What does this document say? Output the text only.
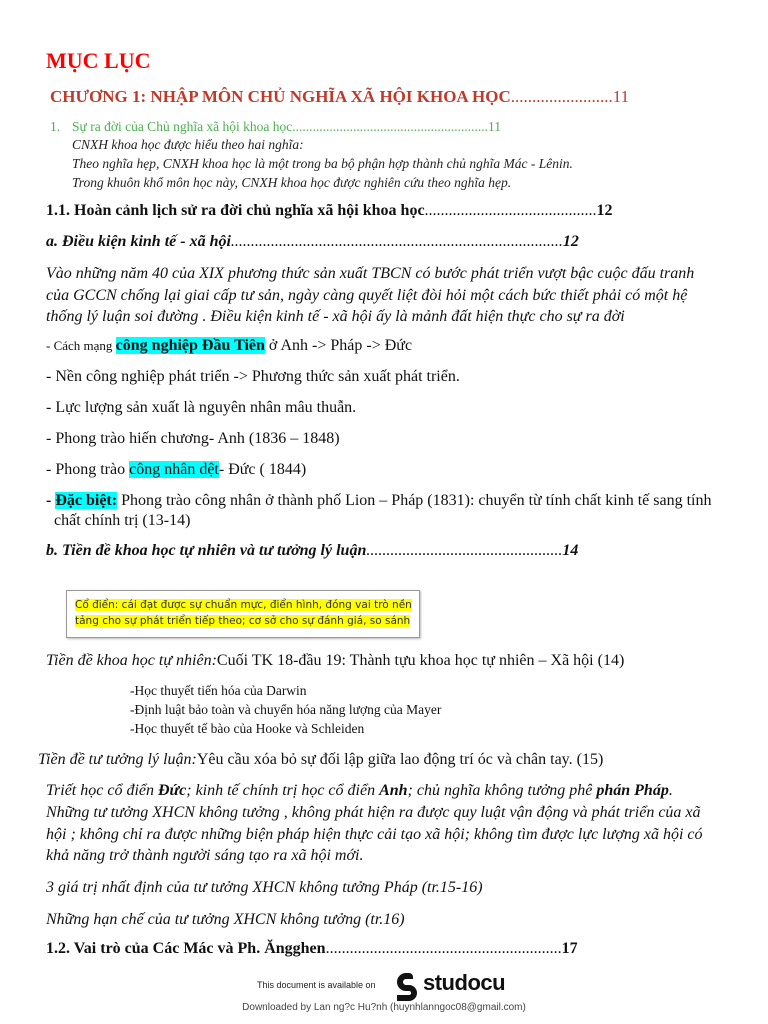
MỤC LỤC
CHƯƠNG 1: NHẬP MÔN CHỦ NGHĨA XÃ HỘI KHOA HỌC........................11
1. Sự ra đời của Chủ nghĩa xã hội khoa học..........................................................11
CNXH khoa học được hiểu theo hai nghĩa:
Theo nghĩa hẹp, CNXH khoa học là một trong ba bộ phận hợp thành chủ nghĩa Mác - Lênin.
Trong khuôn khổ môn học này, CNXH khoa học được nghiên cứu theo nghĩa hẹp.
1.1. Hoàn cảnh lịch sử ra đời chủ nghĩa xã hội khoa học...........................................12
a. Điều kiện kinh tế - xã hội...................................................................................12
Vào những năm 40 của XIX phương thức sản xuất TBCN có bước phát triển vượt bậc cuộc đấu tranh
của GCCN chống lại giai cấp tư sản, ngày càng quyết liệt đòi hỏi một cách bức thiết phải có một hệ
thống lý luận soi đường . Điều kiện kinh tế - xã hội ấy là mảnh đất hiện thực cho sự ra đời
- Cách mạng công nghiệp Đầu Tiên ở Anh -> Pháp -> Đức
- Nền công nghiệp phát triển -> Phương thức sản xuất phát triển.
- Lực lượng sản xuất là nguyên nhân mâu thuẫn.
- Phong trào hiến chương- Anh (1836 – 1848)
- Phong trào công nhân dệt- Đức ( 1844)
- Đặc biệt: Phong trào công nhân ở thành phố Lion – Pháp (1831): chuyển từ tính chất kinh tế sang tính
chất chính trị (13-14)
b. Tiền đề khoa học tự nhiên và tư tưởng lý luận.................................................14
Cổ điển: cái đạt được sự chuẩn mực, điển hình, đóng vai trò nền tảng cho sự phát triển tiếp theo; cơ sở cho sự đánh giá, so sánh
Tiền đề khoa học tự nhiên:Cuối TK 18-đầu 19: Thành tựu khoa học tự nhiên – Xã hội (14)
-Học thuyết tiến hóa của Darwin
-Định luật bảo toàn và chuyển hóa năng lượng của Mayer
-Học thuyết tế bào của Hooke và Schleiden
Tiền đề tư tưởng lý luận:Yêu cầu xóa bỏ sự đối lập giữa lao động trí óc và chân tay. (15)
Triết học cổ điển Đức; kinh tế chính trị học cổ điển Anh; chủ nghĩa không tưởng phê phán Pháp.
Những tư tưởng XHCN không tưởng , không phát hiện ra được quy luật vận động và phát triển của xã
hội ; không chỉ ra được những biện pháp hiện thực cải tạo xã hội; không tìm được lực lượng xã hội có
khả năng trở thành người sáng tạo ra xã hội mới.
3 giá trị nhất định của tư tưởng XHCN không tưởng Pháp (tr.15-16)
Những hạn chế của tư tưởng XHCN không tưởng (tr.16)
1.2. Vai trò của Các Mác và Ph. Ăngghen...........................................................17
This document is available on studocu
Downloaded by Lan ng?c Hu?nh (huynhlanngoc08@gmail.com)
